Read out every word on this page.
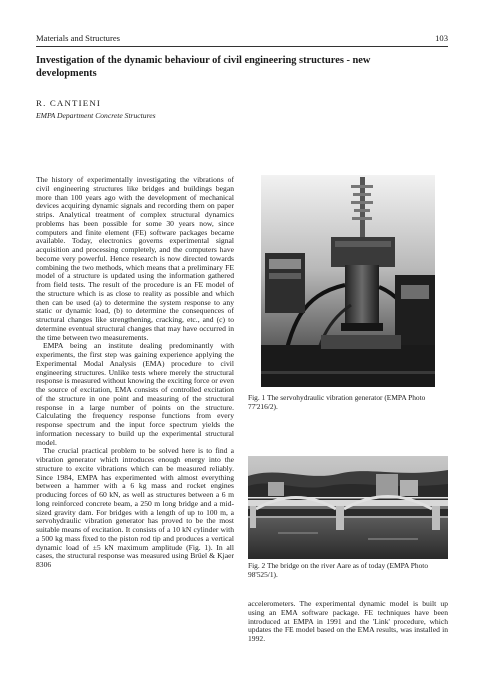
Materials and Structures	103
Investigation of the dynamic behaviour of civil engineering structures - new developments
R. CANTIENI
EMPA Department Concrete Structures

The history of experimentally investigating the vibrations of civil engineering structures like bridges and buildings began more than 100 years ago with the development of mechanical devices acquiring dynamic signals and recording them on paper strips. Analytical treatment of complex structural dynamics problems has been possible for some 30 years now, since computers and finite element (FE) software packages became available. Today, electronics governs experimental signal acquisition and processing completely, and the computers have become very powerful. Hence research is now directed towards combining the two methods, which means that a preliminary FE model of a structure is updated using the information gathered from field tests. The result of the procedure is an FE model of the structure which is as close to reality as possible and which then can be used (a) to determine the system response to any static or dynamic load, (b) to determine the consequences of structural changes like strengthening, cracking, etc., and (c) to determine eventual structural changes that may have occurred in the time between two measurements.

EMPA being an institute dealing predominantly with experiments, the first step was gaining experience applying the Experimental Modal Analysis (EMA) procedure to civil engineering structures. Unlike tests where merely the structural response is measured without knowing the exciting force or even the source of excitation, EMA consists of controlled excitation of the structure in one point and measuring of the structural response in a large number of points on the structure. Calculating the frequency response functions from every response spectrum and the input force spectrum yields the information necessary to build up the experimental structural model.

The crucial practical problem to be solved here is to find a vibration generator which introduces enough energy into the structure to excite vibrations which can be measured reliably. Since 1984, EMPA has experimented with almost everything between a hammer with a 6 kg mass and rocket engines producing forces of 60 kN, as well as structures between a 6 m long reinforced concrete beam, a 250 m long bridge and a mid-sized gravity dam. For bridges with a length of up to 100 m, a servohydraulic vibration generator has proved to be the most suitable means of excitation. It consists of a 10 kN cylinder with a 500 kg mass fixed to the piston rod tip and produces a vertical dynamic load of ±5 kN maximum amplitude (Fig. 1). In all cases, the structural response was measured using Brüel & Kjaer 8306

Fig. 1 The servohydraulic vibration generator (EMPA Photo 77'216/2).
Fig. 2 The bridge on the river Aare as of today (EMPA Photo 98'525/1).

accelerometers. The experimental dynamic model is built up using an EMA software package. FE techniques have been introduced at EMPA in 1991 and the 'Link' procedure, which updates the FE model based on the EMA results, was installed in 1992.
